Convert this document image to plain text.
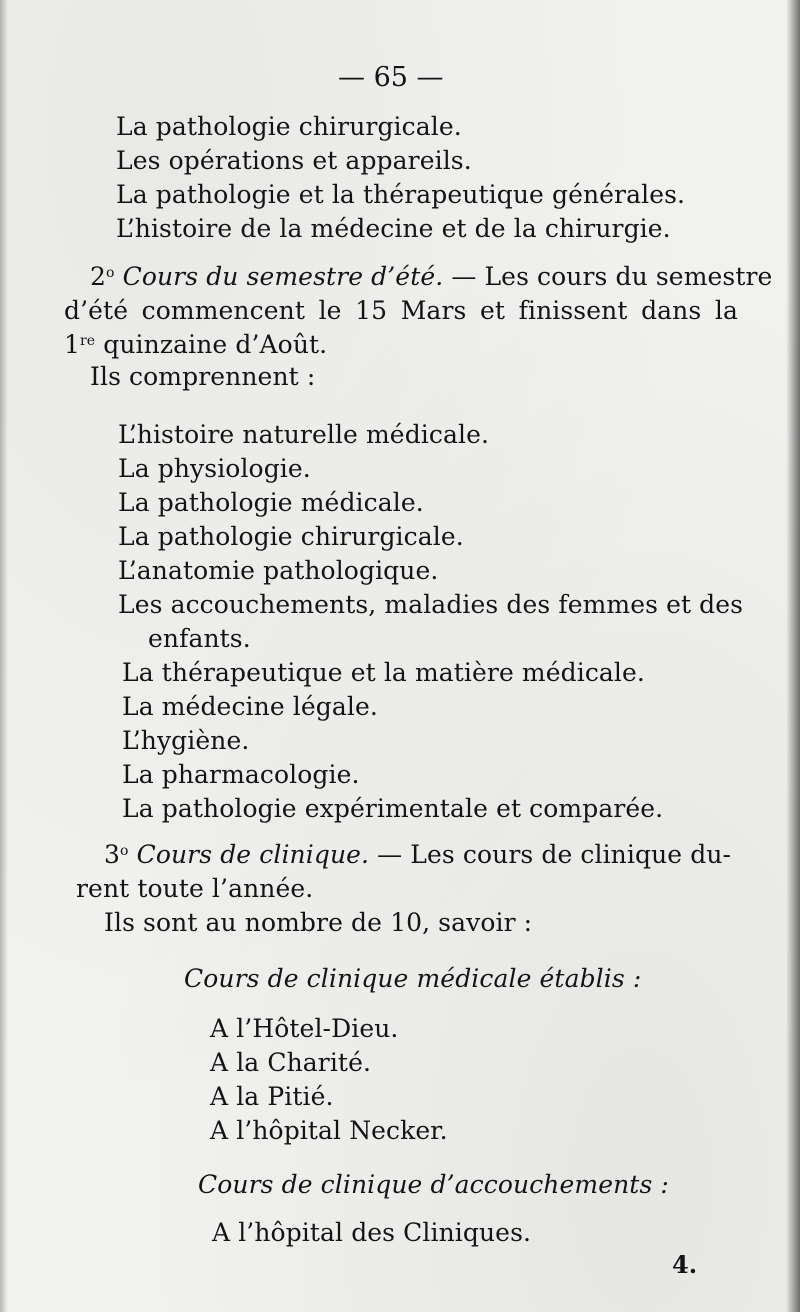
— 65 —
La pathologie chirurgicale.
Les opérations et appareils.
La pathologie et la thérapeutique générales.
L’histoire de la médecine et de la chirurgie.
2$^o$ Cours du semestre d’été. — Les cours du semestre
d’été commencent le 15 Mars et finissent dans la
1re quinzaine d’Août.
Ils comprennent :
L’histoire naturelle médicale.
La physiologie.
La pathologie médicale.
La pathologie chirurgicale.
L’anatomie pathologique.
Les accouchements, maladies des femmes et des
enfants.
La thérapeutique et la matière médicale.
La médecine légale.
L’hygiène.
La pharmacologie.
La pathologie expérimentale et comparée.
3$^o$ Cours de clinique. — Les cours de clinique du-
rent toute l’année.
Ils sont au nombre de 10, savoir :
Cours de clinique médicale établis :
A l’Hôtel-Dieu.
A la Charité.
A la Pitié.
A l’hôpital Necker.
Cours de clinique d’accouchements :
A l’hôpital des Cliniques.
4.
